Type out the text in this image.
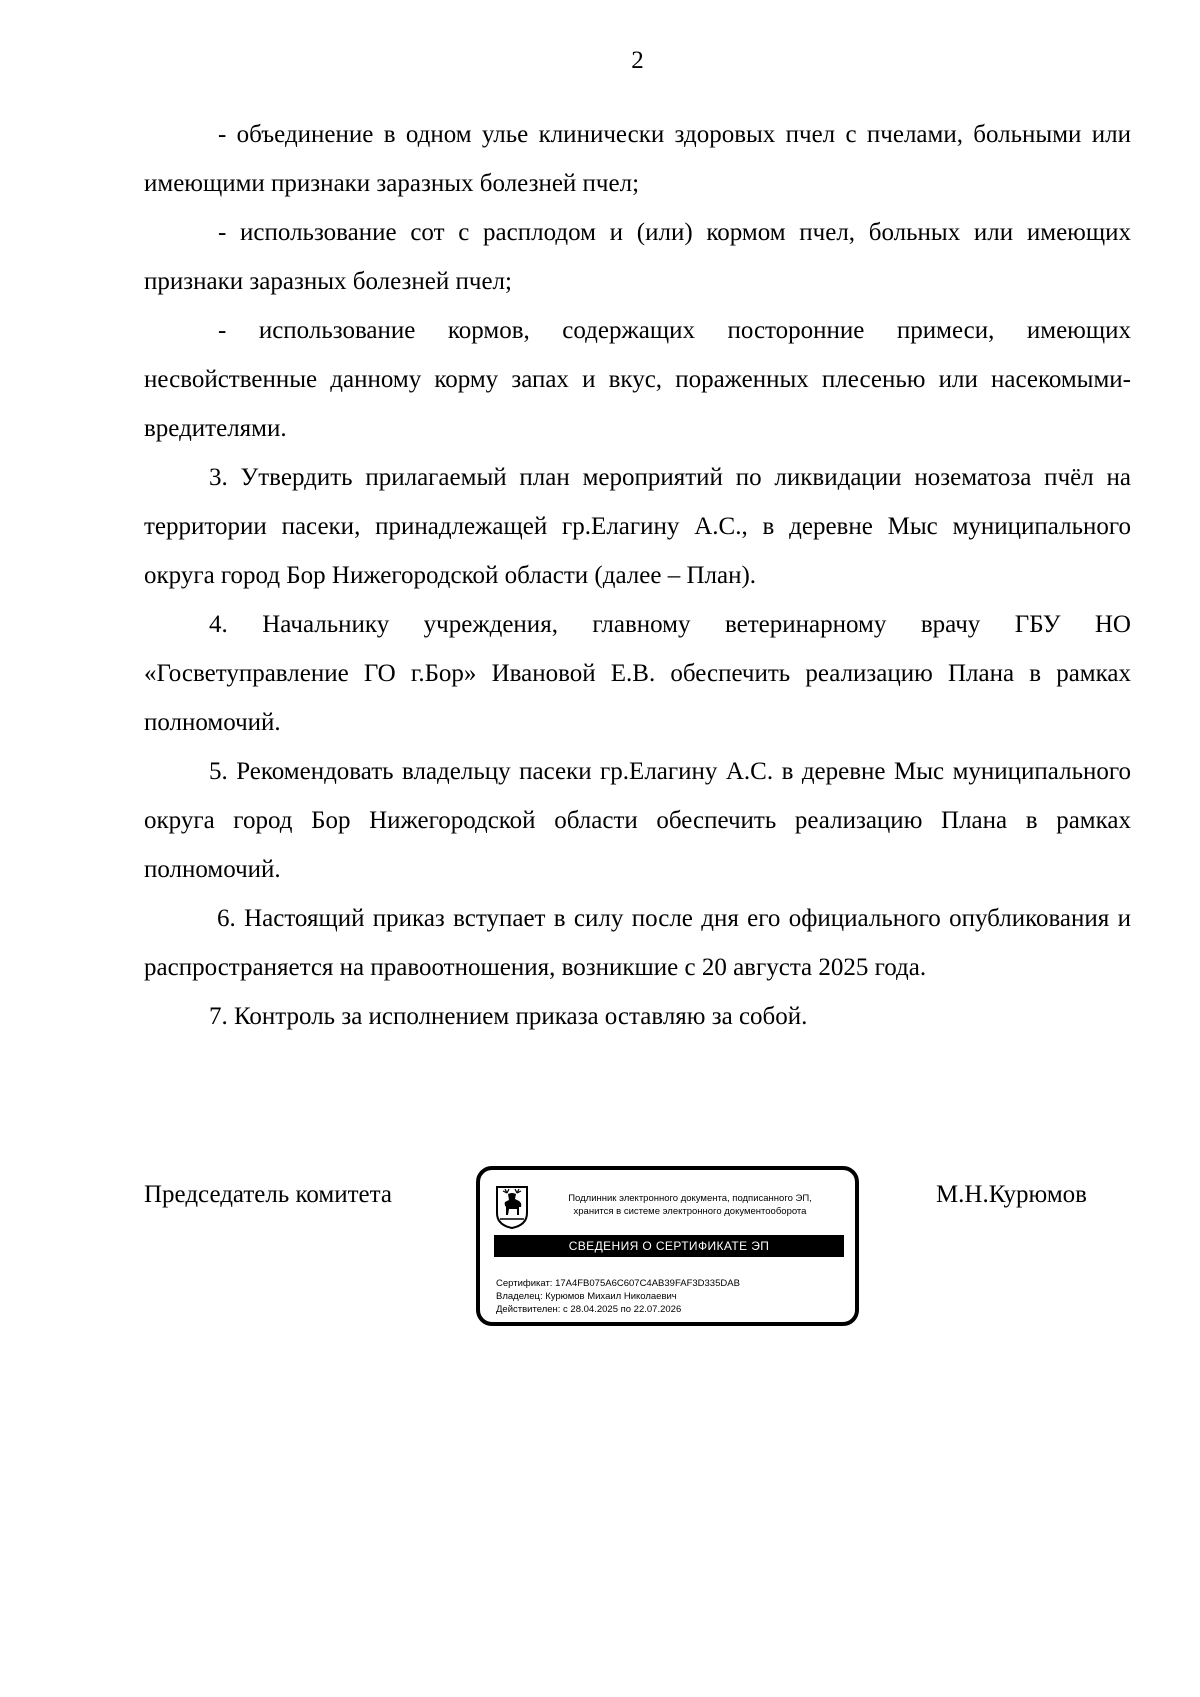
2

- объединение в одном улье клинически здоровых пчел с пчелами, больными или имеющими признаки заразных болезней пчел;

- использование сот с расплодом и (или) кормом пчел, больных или имеющих признаки заразных болезней пчел;

- использование кормов, содержащих посторонние примеси, имеющих несвойственные данному корму запах и вкус, пораженных плесенью или насекомыми-вредителями.

3. Утвердить прилагаемый план мероприятий по ликвидации нозематоза пчёл на территории пасеки, принадлежащей гр.Елагину А.С., в деревне Мыс муниципального округа город Бор Нижегородской области (далее – План).

4. Начальнику учреждения, главному ветеринарному врачу ГБУ НО «Госветуправление ГО г.Бор» Ивановой Е.В. обеспечить реализацию Плана в рамках полномочий.

5. Рекомендовать владельцу пасеки гр.Елагину А.С. в деревне Мыс муниципального округа город Бор Нижегородской области обеспечить реализацию Плана в рамках полномочий.

6. Настоящий приказ вступает в силу после дня его официального опубликования и распространяется на правоотношения, возникшие с 20 августа 2025 года.

7. Контроль за исполнением приказа оставляю за собой.

Председатель комитета	Подлинник электронного документа, подписанного ЭП,
хранится в системе электронного документооборота
СВЕДЕНИЯ О СЕРТИФИКАТЕ ЭП
Сертификат: 17A4FB075A6C607C4AB39FAF3D335DAB
Владелец: Курюмов Михаил Николаевич
Действителен: с 28.04.2025 по 22.07.2026
М.Н.Курюмов
